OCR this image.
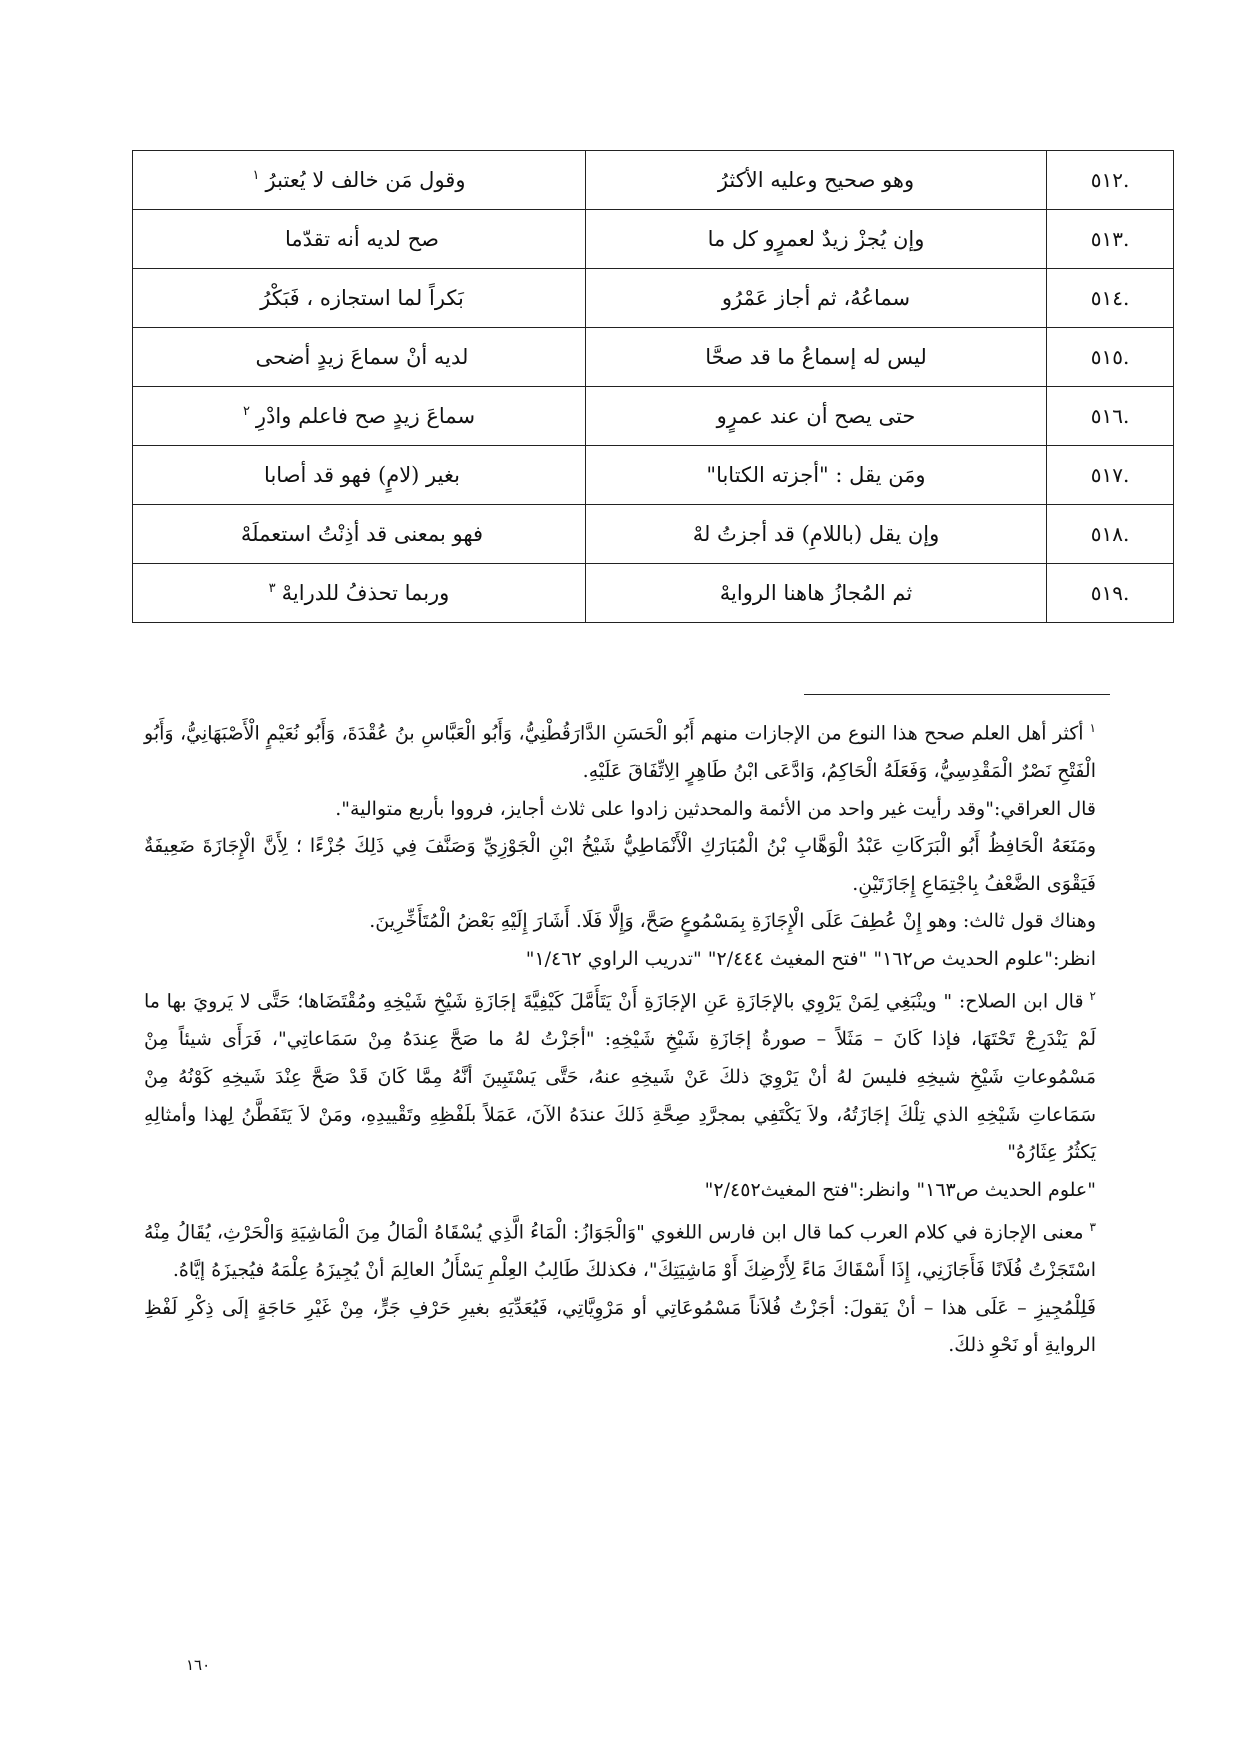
.٥١٢	وهو صحيح وعليه الأكثرُ	وقول مَن خالف لا يُعتبرُ$^١$
.٥١٣	وإن يُجزْ زيدٌ لعمرٍو كل ما	صح لديه أنه تقدّما
.٥١٤	سماعُهُ، ثم أجاز عَمْرُو	بَكراً لما استجازه ، فَبَكْرُ
.٥١٥	ليس له إسماعُ ما قد صحَّا	لديه أنْ سماعَ زيدٍ أضحى
.٥١٦	حتى يصح أن عند عمرٍو	سماعَ زيدٍ صح فاعلم وادْرِ$^٢$
.٥١٧	ومَن يقل : "أجزته الكتابا"	بغير (لامٍ) فهو قد أصابا
.٥١٨	وإن يقل (باللامِ) قد أجزتُ لهْ	فهو بمعنى قد أذِنْتُ استعملَهْ
.٥١٩	ثم المُجازُ هاهنا الروايهْ	وربما تحذفُ للدرايهْ$^٣$

$^١$أكثر أهل العلم صحح هذا النوع من الإجازات منهم أَبُو الْحَسَنِ الدَّارَقُطْنِيُّ، وَأَبُو الْعَبَّاسِ بنُ عُقْدَةَ، وَأَبُو نُعَيْمٍ الْأَصْبَهَانِيُّ، وَأَبُو الْفَتْحِ نَصْرٌ الْمَقْدِسِيُّ، وَفَعَلَهُ الْحَاكِمُ، وَادَّعَى ابْنُ طَاهِرٍ الِاتِّفَاقَ عَلَيْهِ.

قال العراقي:"وقد رأيت غير واحد من الأئمة والمحدثين زادوا على ثلاث أجايز، فرووا بأربع متوالية".

ومَنَعَهُ الْحَافِظُ أَبُو الْبَرَكَاتِ عَبْدُ الْوَهَّابِ بْنُ الْمُبَارَكِ الْأَنْمَاطِيُّ شَيْخُ ابْنِ الْجَوْزِيِّ وَصَنَّفَ فِي ذَلِكَ جُزْءًا ؛ لِأَنَّ الْإِجَازَةَ ضَعِيفَةٌ فَيَقْوَى الضَّعْفُ بِاجْتِمَاعِ إِجَازَتَيْنِ.

وهناك قول ثالث: وهو إِنْ عُطِفَ عَلَى الْإِجَازَةِ بِمَسْمُوعٍ صَحَّ، وَإِلَّا فَلَا. أَشَارَ إِلَيْهِ بَعْضُ الْمُتَأَخِّرِينَ.

انظر:"علوم الحديث ص١٦٢" "فتح المغيث ٢/٤٤٤" "تدريب الراوي ١/٤٦٢"

$^٢$قال ابن الصلاح: " وينْبَغِي لِمَنْ يَرْوِي بالإجَازَةِ عَنِ الإجَازَةِ أَنْ يَتَأَمَّلَ كَيْفِيَّةَ إجَازَةِ شَيْخِ شَيْخِهِ ومُقْتَضَاها؛ حَتَّى لا يَرويَ بها ما لَمْ يَنْدَرِجْ تَحْتَهَا، فإذا كَانَ – مَثَلاً – صورةُ إجَازَةِ شَيْخِ شَيْخِهِ: "أجَزْتُ لهُ ما صَحَّ عِندَهُ مِنْ سَمَاعاتِي"، فَرَأَى شيئاً مِنْ مَسْمُوعاتِ شَيْخِ شيخِهِ فليسَ لهُ أنْ يَرْوِيَ ذلكَ عَنْ شَيخِهِ عنهُ، حَتَّى يَسْتَبِينَ أنَّهُ مِمَّا كَانَ قَدْ صَحَّ عِنْدَ شَيخِهِ كَوْنُهُ مِنْ سَمَاعاتِ شَيْخِهِ الذي تِلْكَ إجَازَتُهُ، ولاَ يَكْتَفِي بمجرَّدِ صِحَّةِ ذَلكَ عندَهُ الآنَ، عَمَلاً بلَفْظِهِ وتَقْييدِهِ، ومَنْ لاَ يَتَفَطَّنُ لِهذا وأمثالِهِ يَكثُرُ عِثَارُهُ"

"علوم الحديث ص١٦٣" وانظر:"فتح المغيث٢/٤٥٢"

$^٣$معنى الإجازة في كلام العرب كما قال ابن فارس اللغوي "وَالْجَوَازُ: الْمَاءُ الَّذِي يُسْقَاهُ الْمَالُ مِنَ الْمَاشِيَةِ وَالْحَرْثِ، يُقَالُ مِنْهُ اسْتَجَزْتُ فُلَانًا فَأَجَازَنِي، إِذَا أَسْقَاكَ مَاءً لِأَرْضِكَ أَوْ مَاشِيَتِكَ"، فكذلكَ طَالِبُ العِلْمِ يَسْأَلُ العالِمَ أنْ يُجِيزَهُ عِلْمَهُ فيُجيزَهُ إيَّاهُ.

فَلِلْمُجِيزِ – عَلَى هذا – أنْ يَقولَ: أجَزْتُ فُلاَناً مَسْمُوعَاتِي أو مَرْوِيَّاتِي، فَيُعَدِّيَهِ بغيرِ حَرْفِ جَرٍّ، مِنْ غَيْرِ حَاجَةٍ إلَى ذِكْرِ لَفْظِ الروايةِ أو نَحْوِ ذلكَ.

١٦٠
